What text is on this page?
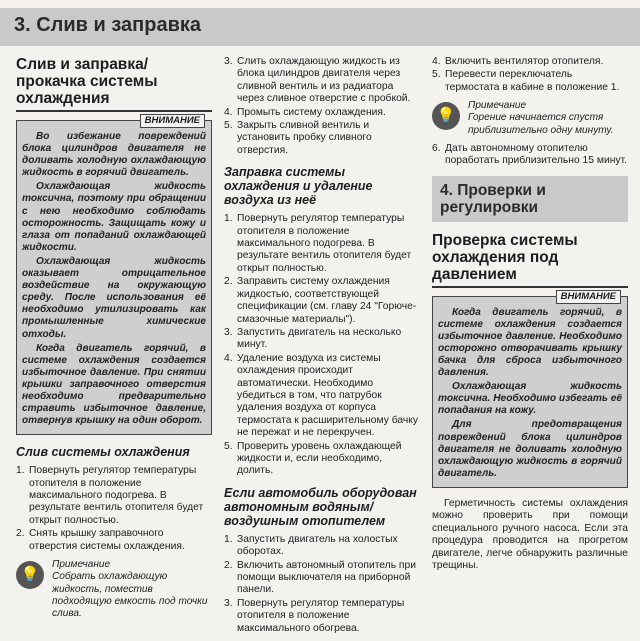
3. Слив и заправка
Слив и заправка/ прокачка системы охлаждения
ВНИМАНИЕ

Во избежание повреждений блока цилиндров двигателя не доливать холодную охлаждающую жидкость в горячий двигатель.

Охлаждающая жидкость токсична, поэтому при обращении с нею необходимо соблюдать осторожность. Защищать кожу и глаза от попаданий охлаждающей жидкости.

Охлаждающая жидкость оказывает отрицательное воздействие на окружающую среду. После использования её необходимо утилизировать как промышленные химические отходы.

Когда двигатель горячий, в системе охлаждения создается избыточное давление. При снятии крышки заправочного отверстия необходимо предварительно стравить избыточное давление, отвернув крышку на один оборот.

Слив системы охлаждения
1. Повернуть регулятор температуры отопителя в положение максимального подогрева. В результате вентиль отопителя будет открыт полностью.
2. Снять крышку заправочного отверстия системы охлаждения.
💡
Примечание
Собрать охлаждающую жидкость, поместив подходящую емкость под точки слива.
3. Слить охлаждающую жидкость из блока цилиндров двигателя через сливной вентиль и из радиатора через сливное отверстие с пробкой.
4. Промыть систему охлаждения.
5. Закрыть сливной вентиль и установить пробку сливного отверстия.
Заправка системы охлаждения и удаление воздуха из неё
1. Повернуть регулятор температуры отопителя в положение максимального подогрева. В результате вентиль отопителя будет открыт полностью.
2. Заправить систему охлаждения жидкостью, соответствующей спецификации (см. главу 24 "Горюче-смазочные материалы").
3. Запустить двигатель на несколько минут.
4. Удаление воздуха из системы охлаждения происходит автоматически. Необходимо убедиться в том, что патрубок удаления воздуха от корпуса термостата к расширительному бачку не пережат и не перекручен.
5. Проверить уровень охлаждающей жидкости и, если необходимо, долить.
Если автомобиль оборудован автономным водяным/ воздушным отопителем
1. Запустить двигатель на холостых оборотах.
2. Включить автономный отопитель при помощи выключателя на приборной панели.
3. Повернуть регулятор температуры отопителя в положение максимального обогрева.
4. Включить вентилятор отопителя.
5. Перевести переключатель термостата в кабине в положение 1.
💡
Примечание
Горение начинается спустя приблизительно одну минуту.
6. Дать автономному отопителю поработать приблизительно 15 минут.
4. Проверки и регулировки
Проверка системы охлаждения под давлением
ВНИМАНИЕ

Когда двигатель горячий, в системе охлаждения создается избыточное давление. Необходимо осторожно отворачивать крышку бачка для сброса избыточного давления.

Охлаждающая жидкость токсична. Необходимо избегать её попадания на кожу.

Для предотвращения повреждений блока цилиндров двигателя не доливать холодную охлаждающую жидкость в горячий двигатель.

Герметичность системы охлаждения можно проверить при помощи специального ручного насоса. Если эта процедура проводится на прогретом двигателе, легче обнаружить различные трещины.
